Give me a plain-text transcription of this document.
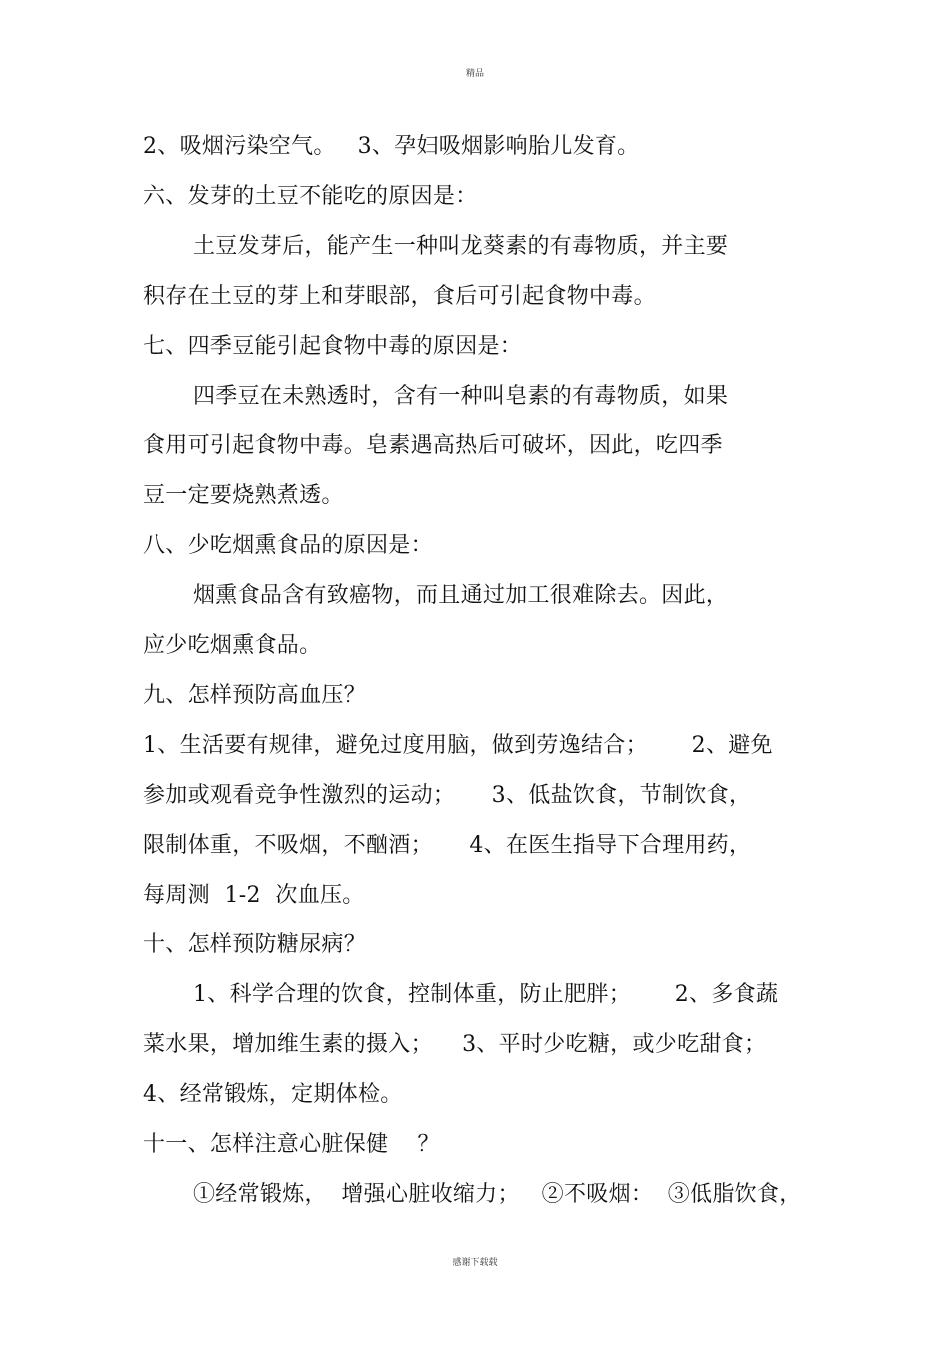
精品
2、吸烟污染空气。   3、孕妇吸烟影响胎儿发育。
六、发芽的土豆不能吃的原因是：
土豆发芽后，能产生一种叫龙葵素的有毒物质，并主要
积存在土豆的芽上和芽眼部，食后可引起食物中毒。
七、四季豆能引起食物中毒的原因是：
四季豆在未熟透时，含有一种叫皂素的有毒物质，如果
食用可引起食物中毒。皂素遇高热后可破坏，因此，吃四季
豆一定要烧熟煮透。
八、少吃烟熏食品的原因是：
烟熏食品含有致癌物，而且通过加工很难除去。因此，
应少吃烟熏食品。
九、怎样预防高血压？
1、生活要有规律，避免过度用脑，做到劳逸结合；      2、避免
参加或观看竞争性激烈的运动；     3、低盐饮食，节制饮食，
限制体重，不吸烟，不酗酒；     4、在医生指导下合理用药，
每周测  1-2  次血压。
十、怎样预防糖尿病？
1、科学合理的饮食，控制体重，防止肥胖；      2、多食蔬
菜水果，增加维生素的摄入；    3、平时少吃糖，或少吃甜食；
4、经常锻炼，定期体检。
十一、怎样注意心脏保健    ？
①经常锻炼，  增强心脏收缩力；   ②不吸烟：  ③低脂饮食，
感谢下载载
